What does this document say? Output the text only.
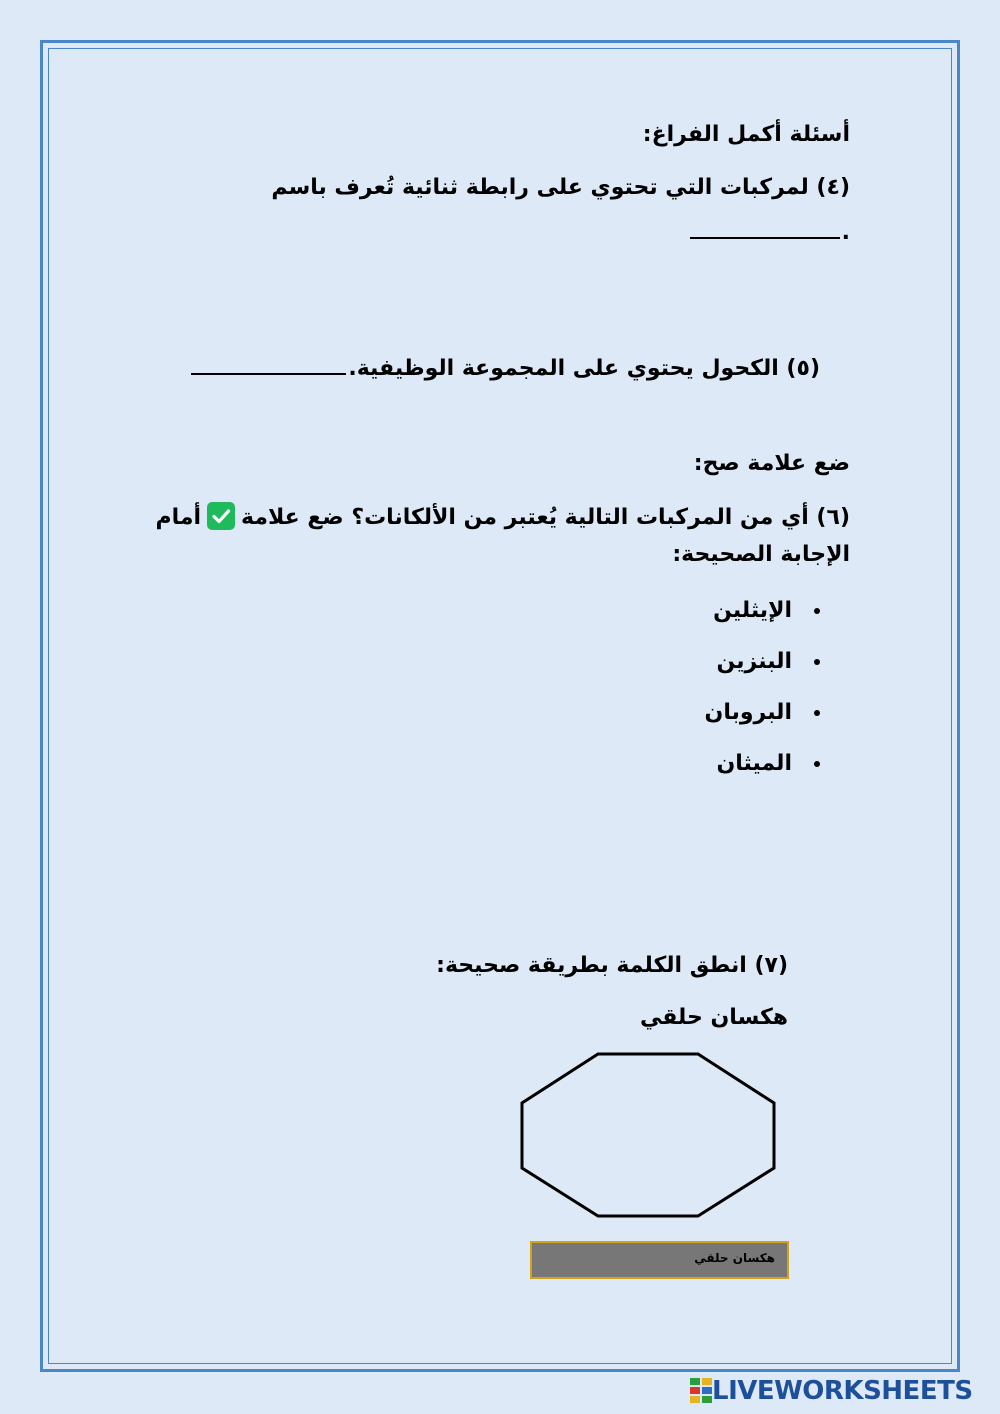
أسئلة أكمل الفراغ:
(٤) لمركبات التي تحتوي على رابطة ثنائية تُعرف باسم
.
(٥) الكحول يحتوي على المجموعة الوظيفية.
ضع علامة صح:
(٦) أي من المركبات التالية يُعتبر من الألكانات؟ ضع علامةأمام
الإجابة الصحيحة:
الإيثلين
البنزين
البروبان
الميثان
(٧) انطق الكلمة بطريقة صحيحة:
هكسان حلقي
هكسان حلقي
LIVEWORKSHEETS
